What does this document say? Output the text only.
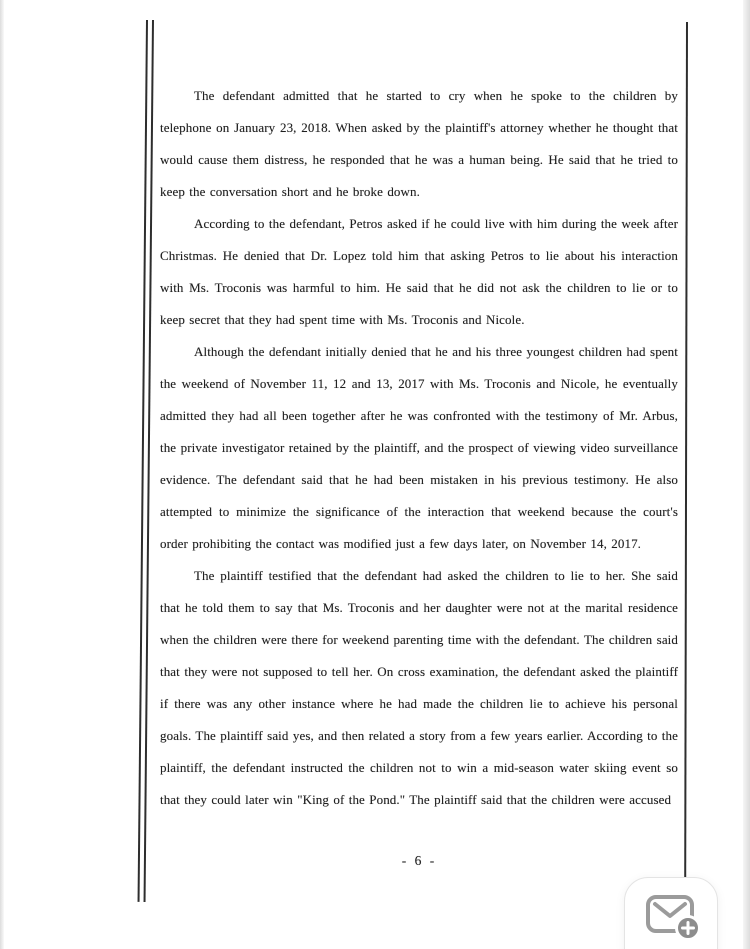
The defendant admitted that he started to cry when he spoke to the children by telephone on January 23, 2018. When asked by the plaintiff's attorney whether he thought that would cause them distress, he responded that he was a human being. He said that he tried to keep the conversation short and he broke down.

According to the defendant, Petros asked if he could live with him during the week after Christmas. He denied that Dr. Lopez told him that asking Petros to lie about his interaction with Ms. Troconis was harmful to him. He said that he did not ask the children to lie or to keep secret that they had spent time with Ms. Troconis and Nicole.

Although the defendant initially denied that he and his three youngest children had spent the weekend of November 11, 12 and 13, 2017 with Ms. Troconis and Nicole, he eventually admitted they had all been together after he was confronted with the testimony of Mr. Arbus, the private investigator retained by the plaintiff, and the prospect of viewing video surveillance evidence. The defendant said that he had been mistaken in his previous testimony. He also attempted to minimize the significance of the interaction that weekend because the court's order prohibiting the contact was modified just a few days later, on November 14, 2017.

The plaintiff testified that the defendant had asked the children to lie to her. She said that he told them to say that Ms. Troconis and her daughter were not at the marital residence when the children were there for weekend parenting time with the defendant. The children said that they were not supposed to tell her. On cross examination, the defendant asked the plaintiff if there was any other instance where he had made the children lie to achieve his personal goals. The plaintiff said yes, and then related a story from a few years earlier. According to the plaintiff, the defendant instructed the children not to win a mid-season water skiing event so that they could later win "King of the Pond." The plaintiff said that the children were accused

- 6 -
